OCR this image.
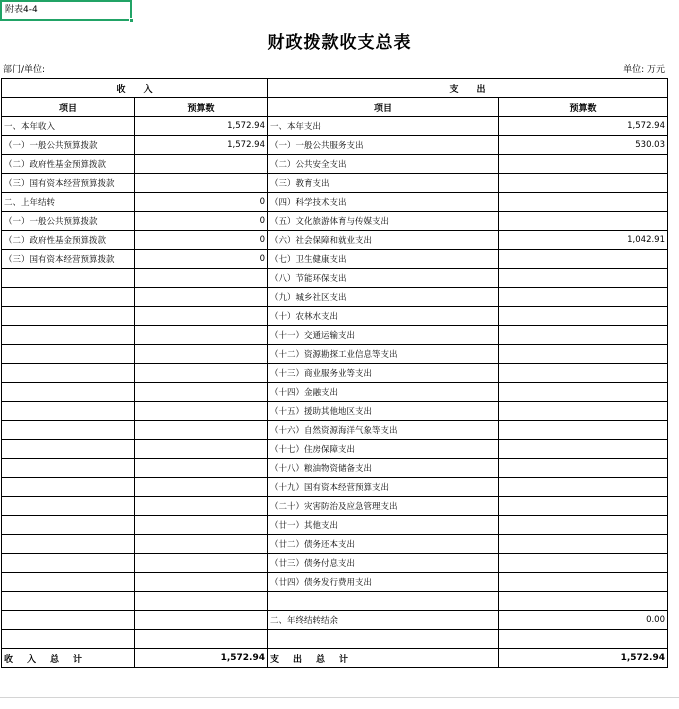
附表4-4
财政拨款收支总表
部门/单位:	单位: 万元
收　　入		支　　出	
项目	预算数	项目	预算数
一、本年收入	1,572.94	一、本年支出	1,572.94
（一）一般公共预算拨款	1,572.94	（一）一般公共服务支出	530.03
（二）政府性基金预算拨款		（二）公共安全支出	
（三）国有资本经营预算拨款		（三）教育支出	
二、上年结转	0	（四）科学技术支出	
（一）一般公共预算拨款	0	（五）文化旅游体育与传媒支出	
（二）政府性基金预算拨款	0	（六）社会保障和就业支出	1,042.91
（三）国有资本经营预算拨款	0	（七）卫生健康支出	
		（八）节能环保支出	
		（九）城乡社区支出	
		（十）农林水支出	
		（十一）交通运输支出	
		（十二）资源勘探工业信息等支出	
		（十三）商业服务业等支出	
		（十四）金融支出	
		（十五）援助其他地区支出	
		（十六）自然资源海洋气象等支出	
		（十七）住房保障支出	
		（十八）粮油物资储备支出	
		（十九）国有资本经营预算支出	
		（二十）灾害防治及应急管理支出	
		（廿一）其他支出	
		（廿二）债务还本支出	
		（廿三）债务付息支出	
		（廿四）债务发行费用支出	

		二、年终结转结余	0.00

收入总计	1,572.94	支出总计	1,572.94
